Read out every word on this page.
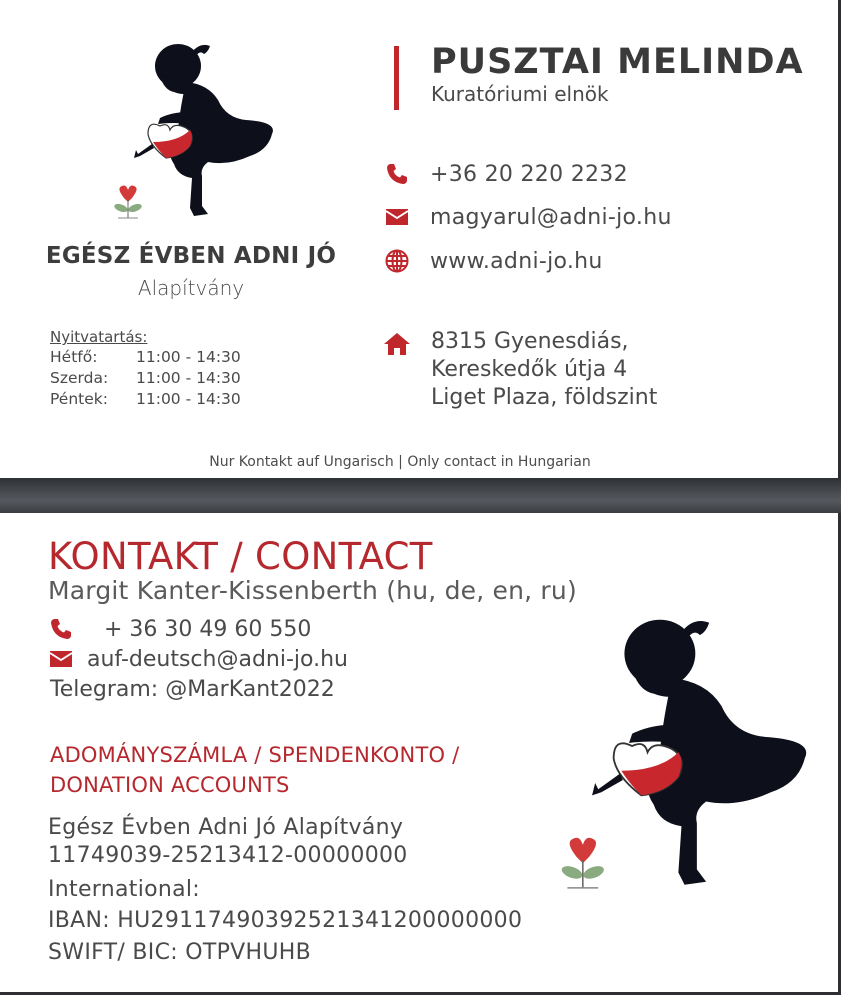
EGÉSZ ÉVBEN ADNI JÓ
Alapítvány
Nyitvatartás:
Hétfő:	11:00 - 14:30
Szerda:	11:00 - 14:30
Péntek:	11:00 - 14:30
PUSZTAI MELINDA
Kuratóriumi elnök
+36 20 220 2232
magyarul@adni-jo.hu
www.adni-jo.hu
8315 Gyenesdiás,
Kereskedők útja 4
Liget Plaza, földszint
Nur Kontakt auf Ungarisch | Only contact in Hungarian
KONTAKT / CONTACT
Margit Kanter-Kissenberth (hu, de, en, ru)
+ 36 30 49 60 550
auf-deutsch@adni-jo.hu
Telegram: @MarKant2022
ADOMÁNYSZÁMLA / SPENDENKONTO /
DONATION ACCOUNTS
Egész Évben Adni Jó Alapítvány
11749039-25213412-00000000
International:
IBAN: HU29117490392521341200000000
SWIFT/ BIC: OTPVHUHB
